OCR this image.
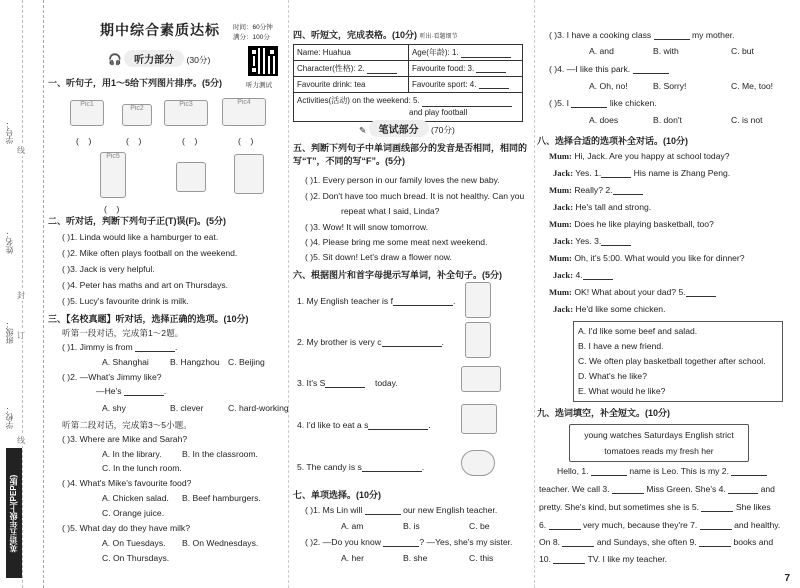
学号：
姓名：
班级：
学校：
线
封
订
线
英语五年级上(PEP版)
期中综合素质达标 时间：60分钟
满分：100分
听力测试
🎧 听力部分 (30分)
一、听句子，用1～5给下列图片排序。(5分)
Pic1
Pic2
Pic3	Pic4
( )	( )	( )	( )
Pic5
( )
二、听对话，判断下列句子正(T)误(F)。(5分)
( )1. Linda would like a hamburger to eat.
( )2. Mike often plays football on the weekend.
( )3. Jack is very helpful.
( )4. Peter has maths and art on Thursdays.
( )5. Lucy's favourite drink is milk.
三、【名校真题】听对话，选择正确的选项。(10分)
听第一段对话，完成第1～2题。
( )1. Jimmy is from	.
A. Shanghai B. Hangzhou C. Beijing
( )2. —What's Jimmy like?
—He's	.
A. shy	B. clever	C. hard-working
听第二段对话，完成第3～5小题。
( )3. Where are Mike and Sarah?
A. In the library. B. In the classroom.
C. In the lunch room.
( )4. What's Mike's favourite food?
A. Chicken salad. B. Beef hamburgers.
C. Orange juice.
( )5. What day do they have milk?
A. On Tuesdays. B. On Wednesdays.
C. On Thursdays.
四、听短文，完成表格。(10分) 听出·看题细节
Name: Huahua	Age(年龄): 1.
Character(性格): 2.	Favourite food: 3.
Favourite drink: tea	Favourite sport: 4.
Activities(活动) on the weekend: 5.
and play football	
✎ 笔试部分 (70分)
五、判断下列句子中单词画线部分的发音是否相同，相同的写“T”，不同的写“F”。(5分)
( )1. Every person in our family loves the new baby.
( )2. Don't have too much bread. It is not healthy. Can you
repeat what I said, Linda?
( )3. Wow! It will snow tomorrow.
( )4. Please bring me some meat next weekend.
( )5. Sit down! Let's draw a flower now.
六、根据图片和首字母提示写单词，补全句子。(5分)
1. My English teacher is f	.
2. My brother is very c	.
3. It's S	today.
4. I'd like to eat a s	.
5. The candy is s	.
七、单项选择。(10分)
( )1. Ms Lin will	our new English teacher.
A. am	B. is	C. be
( )2. —Do you know	? —Yes, she's my sister.
A. her	B. she	C. this
( )3. I have a cooking class	my mother.
A. and	B. with	C. but
( )4. —I like this park.
A. Oh, no!	B. Sorry!	C. Me, too!
( )5. I	like chicken.
A. does	B. don't	C. is not
八、选择合适的选项补全对话。(10分)
Mum: Hi, Jack. Are you happy at school today?
Jack: Yes. 1.	His name is Zhang Peng.
Mum: Really? 2.
Jack: He's tall and strong.
Mum: Does he like playing basketball, too?
Jack: Yes. 3.
Mum: Oh, it's 5:00. What would you like for dinner?
Jack: 4.
Mum: OK! What about your dad? 5.
Jack: He'd like some chicken.
A. I'd like some beef and salad.
B. I have a new friend.
C. We often play basketball together after school.
D. What's he like?
E. What would he like?
九、选词填空，补全短文。(10分)
young watches Saturdays English strict
tomatoes reads my fresh her
Hello, 1.	name is Leo. This is my 2.
teacher. We call 3.	Miss Green. She's 4.	and
pretty. She's kind, but sometimes she is 5.	She likes
6.	very much, because they're 7.	and healthy.
On 8.	and Sundays, she often 9.	books and
10.	TV. I like my teacher.
7
